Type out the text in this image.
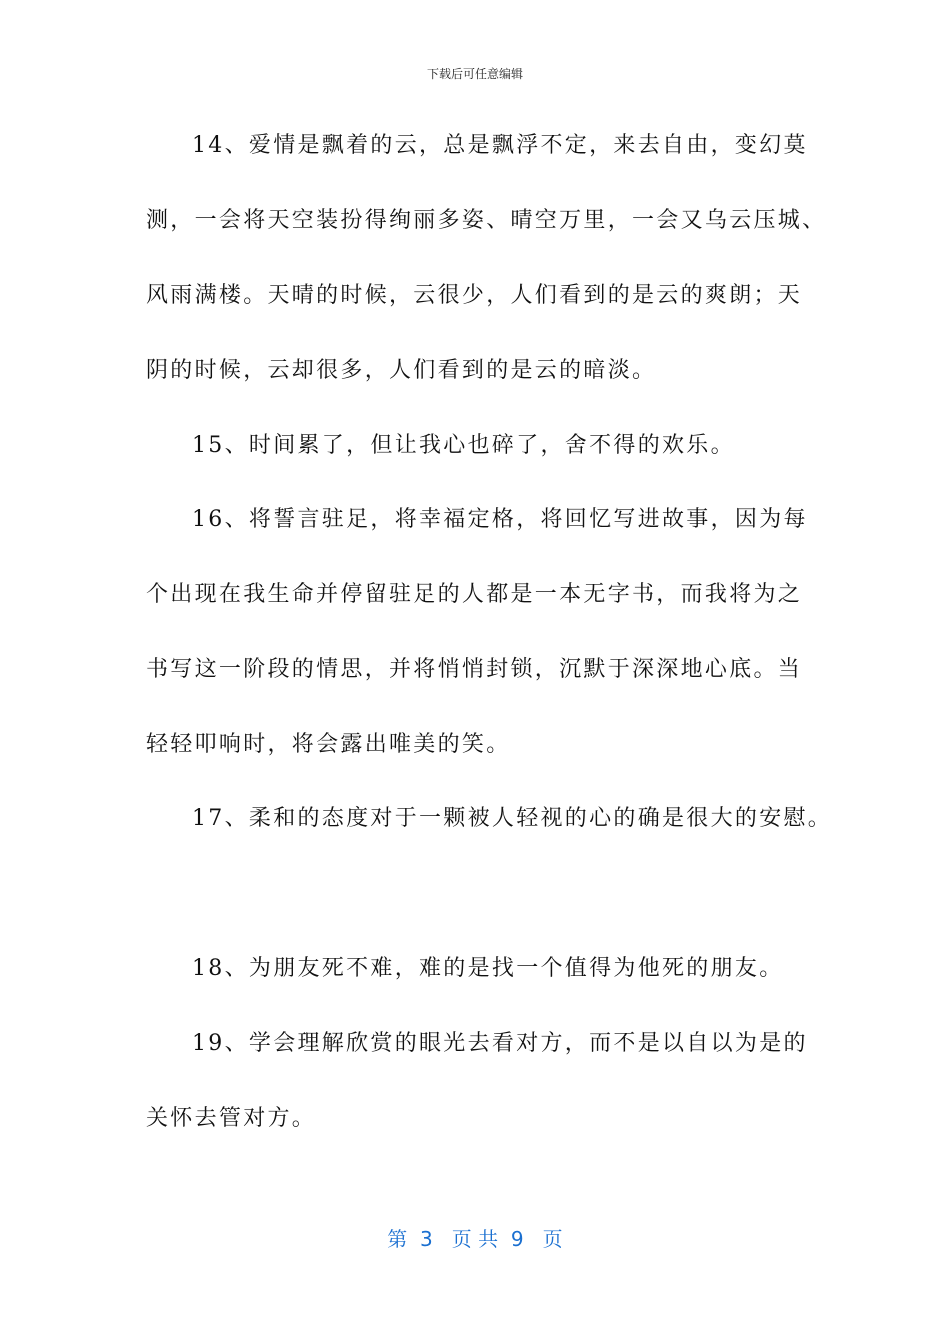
下载后可任意编辑
14、爱情是飘着的云，总是飘浮不定，来去自由，变幻莫
测，一会将天空装扮得绚丽多姿、晴空万里，一会又乌云压城、
风雨满楼。天晴的时候，云很少，人们看到的是云的爽朗；天
阴的时候，云却很多，人们看到的是云的暗淡。
15、时间累了，但让我心也碎了，舍不得的欢乐。
16、将誓言驻足，将幸福定格，将回忆写进故事，因为每
个出现在我生命并停留驻足的人都是一本无字书，而我将为之
书写这一阶段的情思，并将悄悄封锁，沉默于深深地心底。当
轻轻叩响时，将会露出唯美的笑。
17、柔和的态度对于一颗被人轻视的心的确是很大的安慰。
18、为朋友死不难，难的是找一个值得为他死的朋友。
19、学会理解欣赏的眼光去看对方，而不是以自以为是的
关怀去管对方。
第  3   页 共  9   页
